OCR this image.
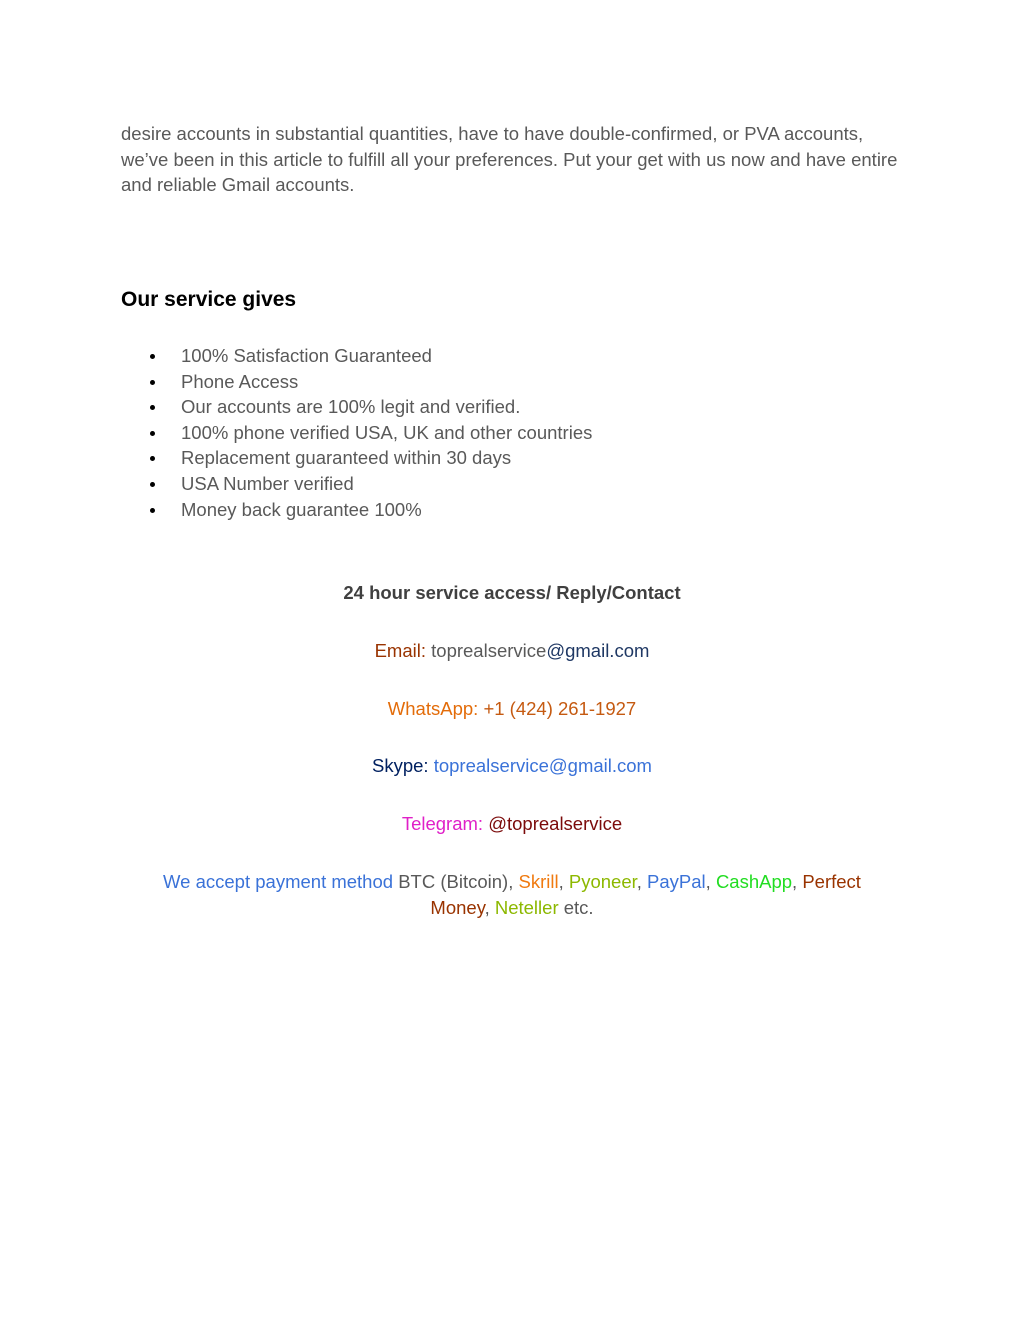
desire accounts in substantial quantities, have to have double-confirmed, or PVA accounts, we’ve been in this article to fulfill all your preferences. Put your get with us now and have entire and reliable Gmail accounts.

Our service gives
100% Satisfaction Guaranteed
Phone Access
Our accounts are 100% legit and verified.
100% phone verified USA, UK and other countries
Replacement guaranteed within 30 days
USA Number verified
Money back guarantee 100%

24 hour service access/ Reply/Contact

Email: toprealservice@gmail.com

WhatsApp: +1 (424) 261-1927

Skype: toprealservice@gmail.com

Telegram: @toprealservice

We accept payment method BTC (Bitcoin), Skrill, Pyoneer, PayPal, CashApp, Perfect Money, Neteller etc.
